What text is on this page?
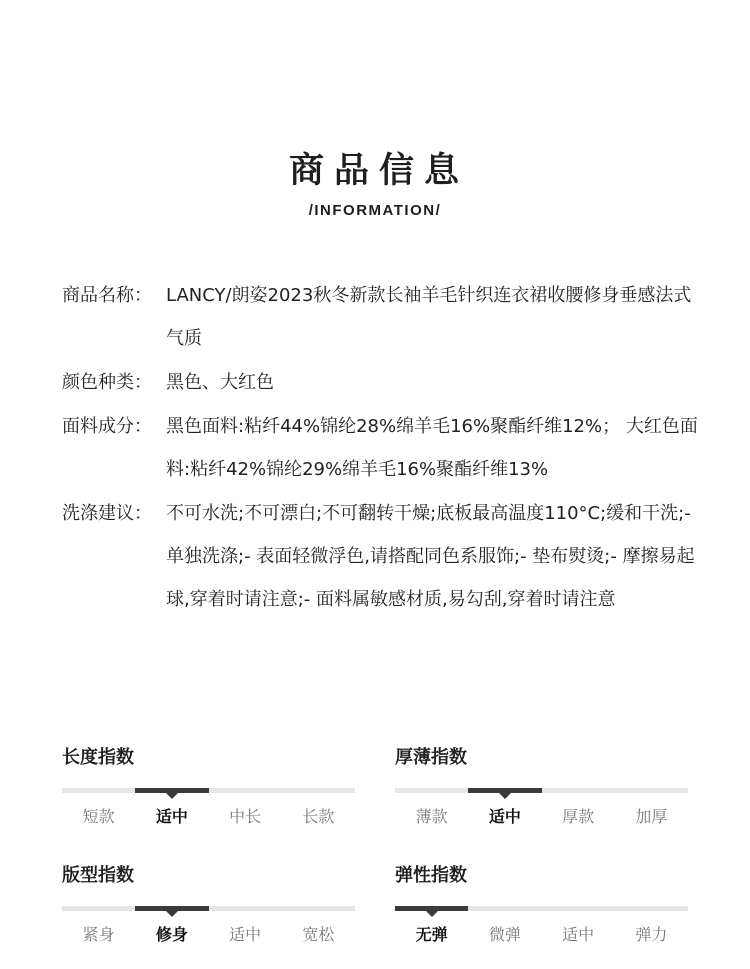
商品信息
/INFORMATION/
商品名称： LANCY/朗姿2023秋冬新款长袖羊毛针织连衣裙收腰修身垂感法式气质
颜色种类： 黑色、大红色
面料成分： 黑色面料:粘纤44%锦纶28%绵羊毛16%聚酯纤维12%； 大红色面料:粘纤42%锦纶29%绵羊毛16%聚酯纤维13%
洗涤建议： 不可水洗;不可漂白;不可翻转干燥;底板最高温度110°C;缓和干洗;- 单独洗涤;- 表面轻微浮色,请搭配同色系服饰;- 垫布熨烫;- 摩擦易起球,穿着时请注意;- 面料属敏感材质,易勾刮,穿着时请注意
长度指数
短款	适中	中长	长款
厚薄指数
薄款	适中	厚款	加厚
版型指数
紧身	修身	适中	宽松
弹性指数
无弹	微弹	适中	弹力
